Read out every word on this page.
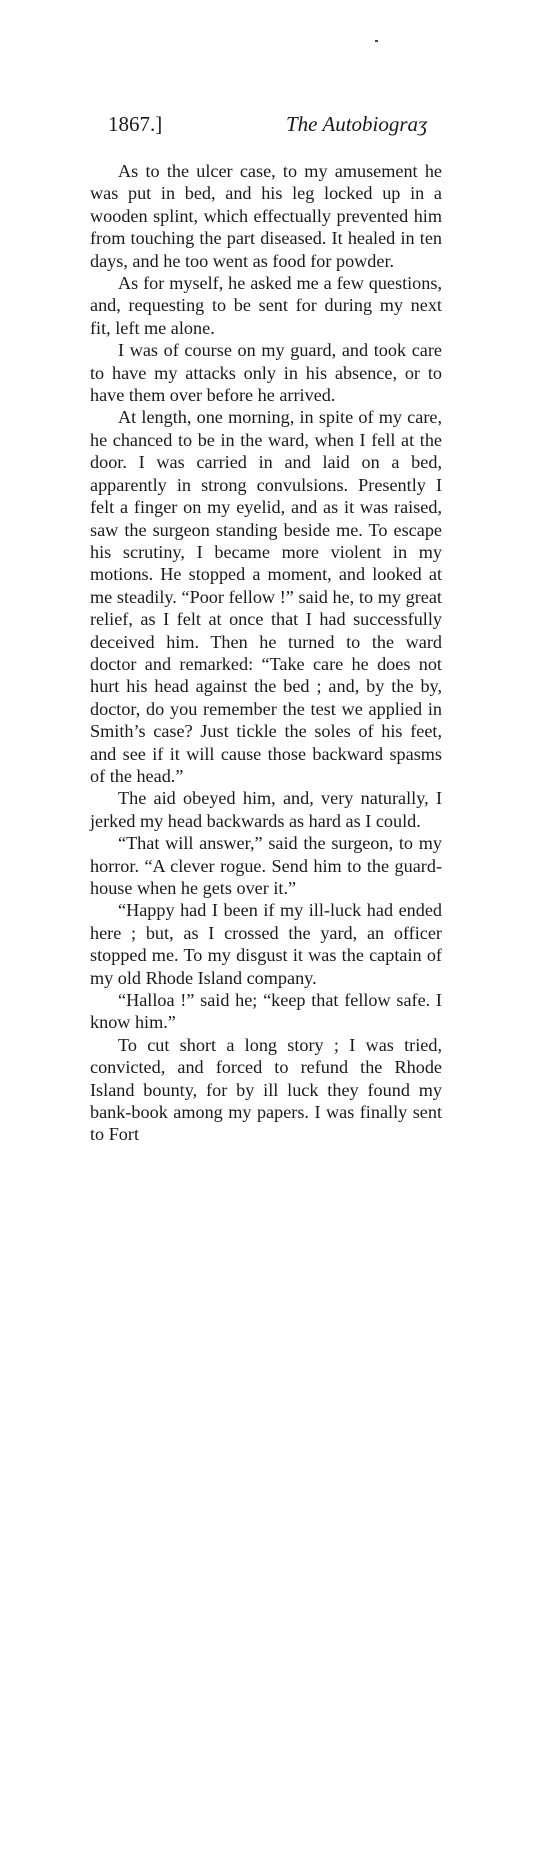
1867.]	The Autobiograʒ

As to the ulcer case, to my amusement he was put in bed, and his leg locked up in a wooden splint, which effectually prevented him from touching the part diseased. It healed in ten days, and he too went as food for powder.

As for myself, he asked me a few questions, and, requesting to be sent for during my next fit, left me alone.

I was of course on my guard, and took care to have my attacks only in his absence, or to have them over before he arrived.

At length, one morning, in spite of my care, he chanced to be in the ward, when I fell at the door. I was carried in and laid on a bed, apparently in strong convulsions. Presently I felt a finger on my eyelid, and as it was raised, saw the surgeon standing beside me. To escape his scrutiny, I became more violent in my motions. He stopped a moment, and looked at me steadily. “Poor fellow !” said he, to my great relief, as I felt at once that I had successfully deceived him. Then he turned to the ward doctor and remarked: “Take care he does not hurt his head against the bed ; and, by the by, doctor, do you remember the test we applied in Smith’s case? Just tickle the soles of his feet, and see if it will cause those backward spasms of the head.”

The aid obeyed him, and, very naturally, I jerked my head backwards as hard as I could.

“That will answer,” said the surgeon, to my horror. “A clever rogue. Send him to the guard-house when he gets over it.”

“Happy had I been if my ill-luck had ended here ; but, as I crossed the yard, an officer stopped me. To my disgust it was the captain of my old Rhode Island company.

“Halloa !” said he; “keep that fellow safe. I know him.”

To cut short a long story ; I was tried, convicted, and forced to refund the Rhode Island bounty, for by ill luck they found my bank-book among my papers. I was finally sent to Fort
